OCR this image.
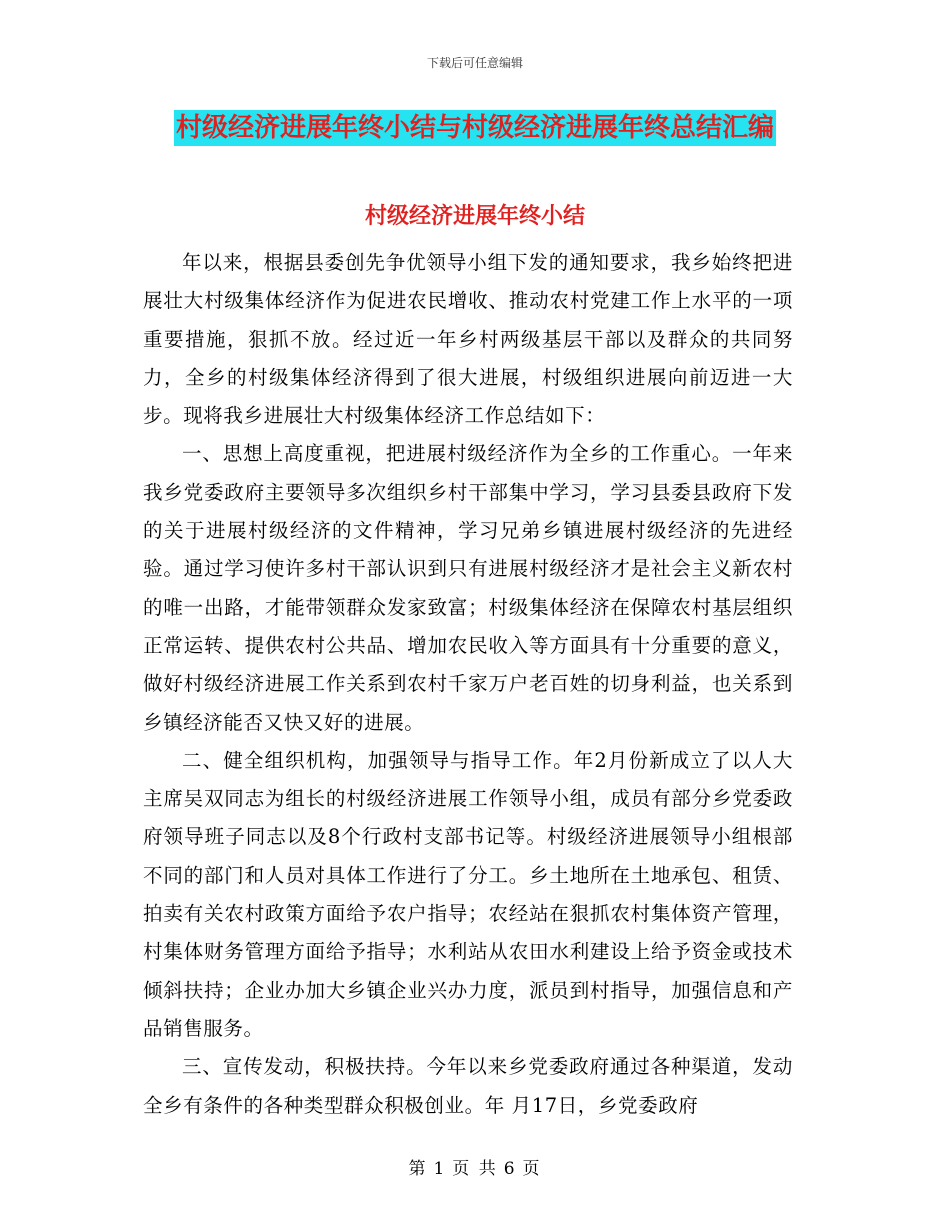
下载后可任意编辑
村级经济进展年终小结与村级经济进展年终总结汇编
村级经济进展年终小结

年以来，根据县委创先争优领导小组下发的通知要求，我乡始终把进展壮大村级集体经济作为促进农民增收、推动农村党建工作上水平的一项重要措施，狠抓不放。经过近一年乡村两级基层干部以及群众的共同努力，全乡的村级集体经济得到了很大进展，村级组织进展向前迈进一大步。现将我乡进展壮大村级集体经济工作总结如下：

一、思想上高度重视，把进展村级经济作为全乡的工作重心。一年来我乡党委政府主要领导多次组织乡村干部集中学习，学习县委县政府下发的关于进展村级经济的文件精神，学习兄弟乡镇进展村级经济的先进经验。通过学习使许多村干部认识到只有进展村级经济才是社会主义新农村的唯一出路，才能带领群众发家致富；村级集体经济在保障农村基层组织正常运转、提供农村公共品、增加农民收入等方面具有十分重要的意义，做好村级经济进展工作关系到农村千家万户老百姓的切身利益，也关系到乡镇经济能否又快又好的进展。

二、健全组织机构，加强领导与指导工作。年2月份新成立了以人大主席吴双同志为组长的村级经济进展工作领导小组，成员有部分乡党委政府领导班子同志以及8个行政村支部书记等。村级经济进展领导小组根部不同的部门和人员对具体工作进行了分工。乡土地所在土地承包、租赁、拍卖有关农村政策方面给予农户指导；农经站在狠抓农村集体资产管理，村集体财务管理方面给予指导；水利站从农田水利建设上给予资金或技术倾斜扶持；企业办加大乡镇企业兴办力度，派员到村指导，加强信息和产品销售服务。

三、宣传发动，积极扶持。今年以来乡党委政府通过各种渠道，发动全乡有条件的各种类型群众积极创业。年 月17日，乡党委政府

第 1 页 共 6 页
